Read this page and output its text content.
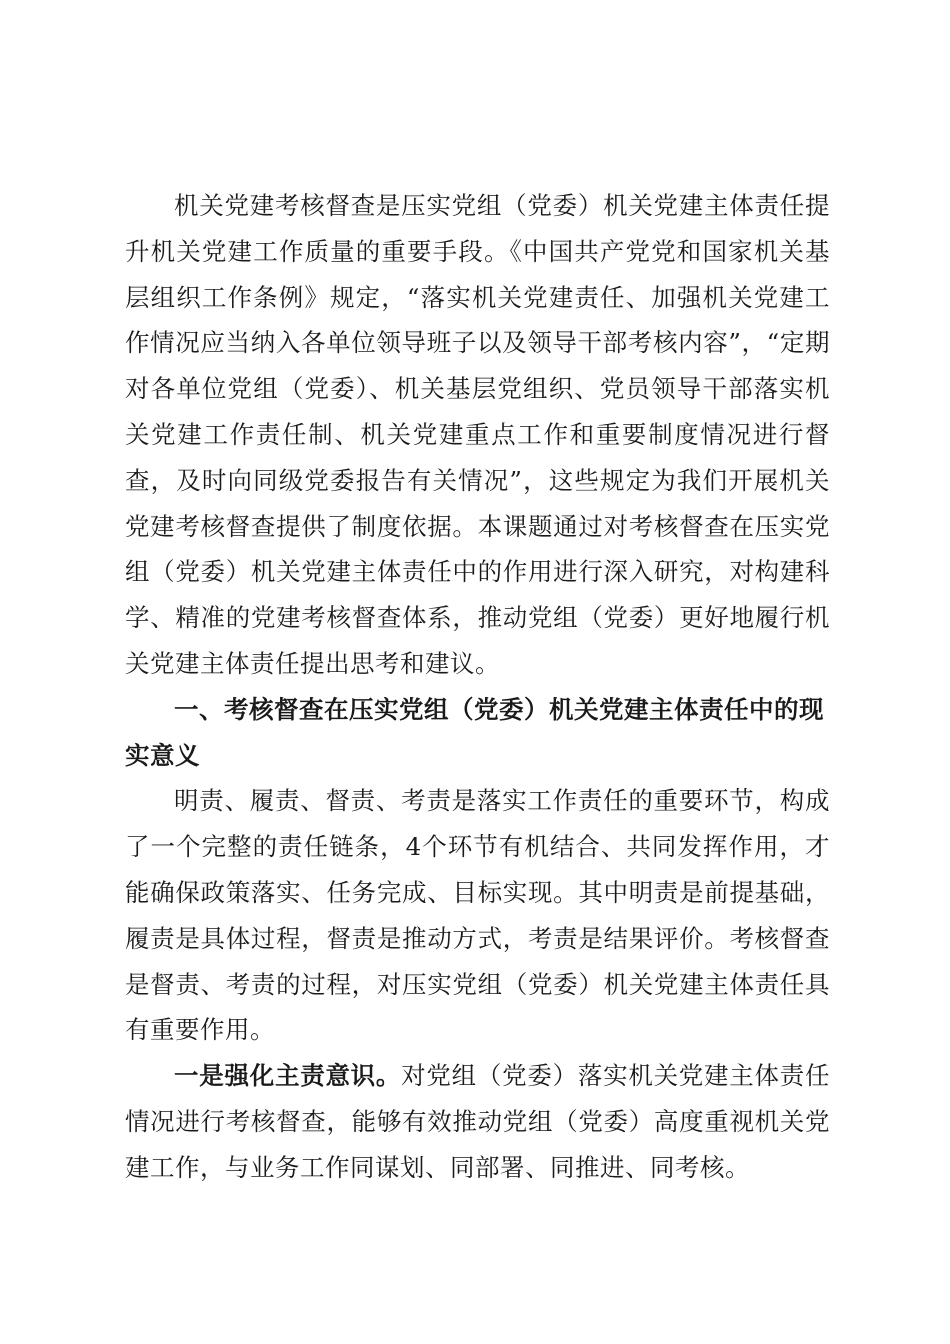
机关党建考核督查是压实党组（党委）机关党建主体责任提升机关党建工作质量的重要手段。《中国共产党党和国家机关基层组织工作条例》规定，“落实机关党建责任、加强机关党建工作情况应当纳入各单位领导班子以及领导干部考核内容”，“定期对各单位党组（党委）、机关基层党组织、党员领导干部落实机关党建工作责任制、机关党建重点工作和重要制度情况进行督查，及时向同级党委报告有关情况”，这些规定为我们开展机关党建考核督查提供了制度依据。本课题通过对考核督查在压实党组（党委）机关党建主体责任中的作用进行深入研究，对构建科学、精准的党建考核督查体系，推动党组（党委）更好地履行机关党建主体责任提出思考和建议。

一、考核督查在压实党组（党委）机关党建主体责任中的现实意义

明责、履责、督责、考责是落实工作责任的重要环节，构成了一个完整的责任链条，4个环节有机结合、共同发挥作用，才能确保政策落实、任务完成、目标实现。其中明责是前提基础，履责是具体过程，督责是推动方式，考责是结果评价。考核督查是督责、考责的过程，对压实党组（党委）机关党建主体责任具有重要作用。

一是强化主责意识。对党组（党委）落实机关党建主体责任情况进行考核督查，能够有效推动党组（党委）高度重视机关党建工作，与业务工作同谋划、同部署、同推进、同考核。
